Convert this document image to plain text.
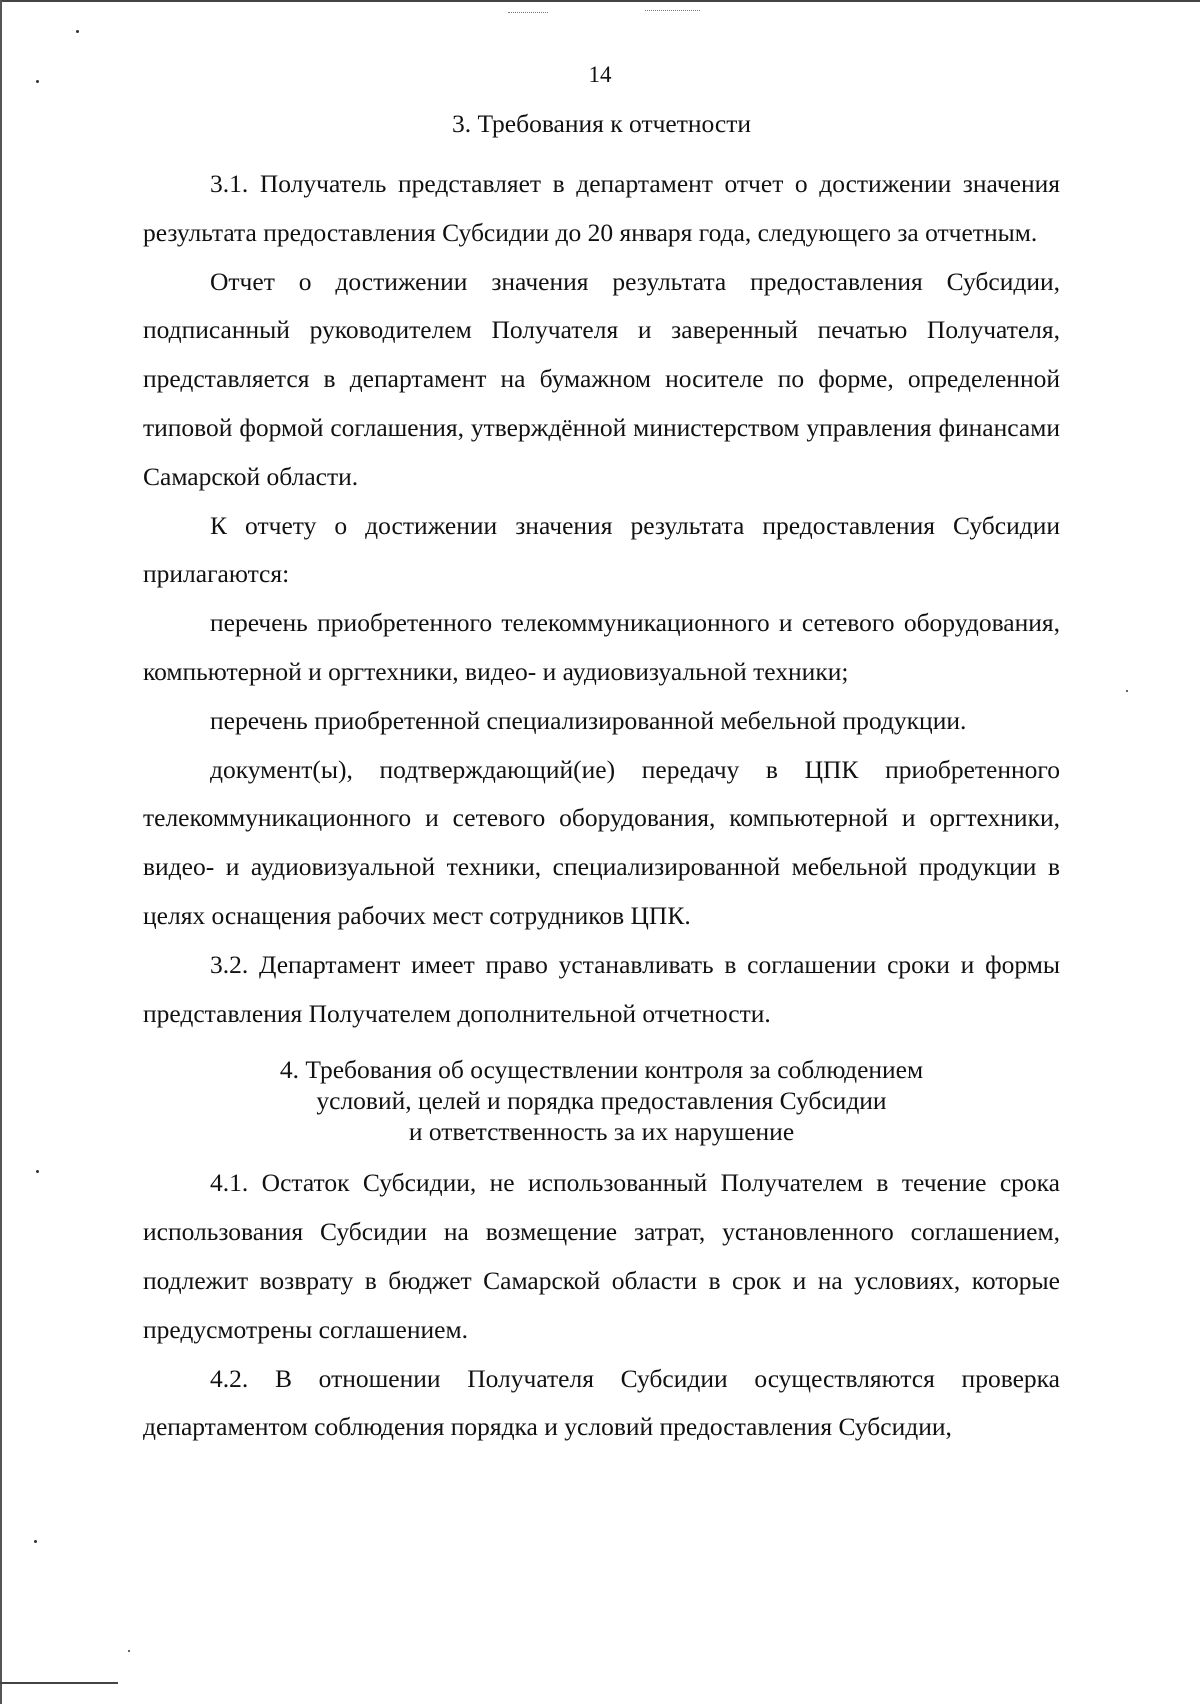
14
3. Требования к отчетности

3.1. Получатель представляет в департамент отчет о достижении значения результата предоставления Субсидии до 20 января года, следующего за отчетным.

Отчет о достижении значения результата предоставления Субсидии, подписанный руководителем Получателя и заверенный печатью Получателя, представляется в департамент на бумажном носителе по форме, определенной типовой формой соглашения, утверждённой министерством управления финансами Самарской области.

К отчету о достижении значения результата предоставления Субсидии прилагаются:

перечень приобретенного телекоммуникационного и сетевого оборудования, компьютерной и оргтехники, видео- и аудиовизуальной техники;

перечень приобретенной специализированной мебельной продукции.

документ(ы), подтверждающий(ие) передачу в ЦПК приобретенного телекоммуникационного и сетевого оборудования, компьютерной и оргтехники, видео- и аудиовизуальной техники, специализированной мебельной продукции в целях оснащения рабочих мест сотрудников ЦПК.

3.2. Департамент имеет право устанавливать в соглашении сроки и формы представления Получателем дополнительной отчетности.

4. Требования об осуществлении контроля за соблюдением
условий, целей и порядка предоставления Субсидии
и ответственность за их нарушение

4.1. Остаток Субсидии, не использованный Получателем в течение срока использования Субсидии на возмещение затрат, установленного соглашением, подлежит возврату в бюджет Самарской области в срок и на условиях, которые предусмотрены соглашением.

4.2. В отношении Получателя Субсидии осуществляются проверка департаментом соблюдения порядка и условий предоставления Субсидии,
